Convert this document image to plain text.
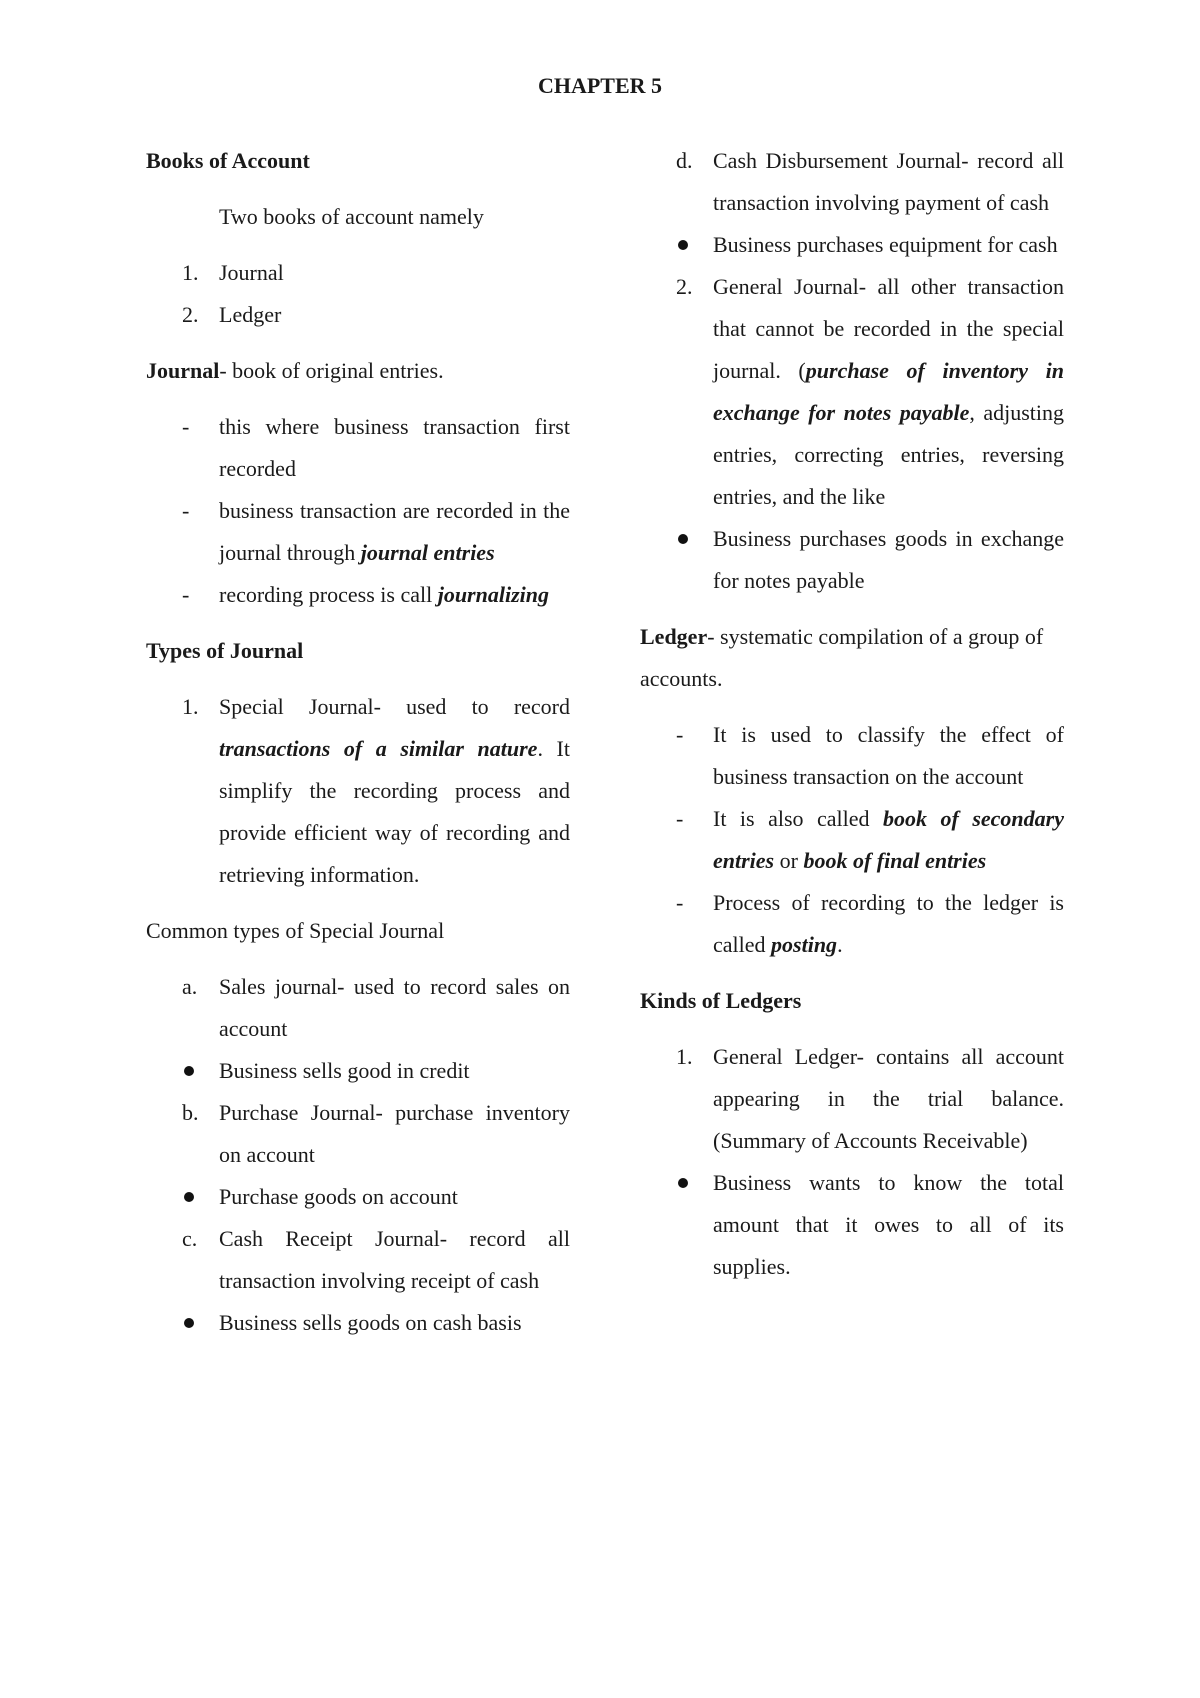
CHAPTER 5

Books of Account

Two books of account namely

1. Journal
2. Ledger

Journal- book of original entries.

- this where business transaction first recorded
- business transaction are recorded in the journal through journal entries
- recording process is call journalizing

Types of Journal

1. Special Journal- used to record transactions of a similar nature. It simplify the recording process and provide efficient way of recording and retrieving information.

Common types of Special Journal

a. Sales journal- used to record sales on account
Business sells good in credit
b. Purchase Journal- purchase inventory on account
Purchase goods on account
c. Cash Receipt Journal- record all transaction involving receipt of cash
Business sells goods on cash basis
d. Cash Disbursement Journal- record all transaction involving payment of cash
Business purchases equipment for cash
2. General Journal- all other transaction that cannot be recorded in the special journal. (purchase of inventory in exchange for notes payable, adjusting entries, correcting entries, reversing entries, and the like
Business purchases goods in exchange for notes payable

Ledger- systematic compilation of a group of accounts.

- It is used to classify the effect of business transaction on the account
- It is also called book of secondary entries or book of final entries
- Process of recording to the ledger is called posting.

Kinds of Ledgers

1. General Ledger- contains all account appearing in the trial balance. (Summary of Accounts Receivable)
Business wants to know the total amount that it owes to all of its supplies.
